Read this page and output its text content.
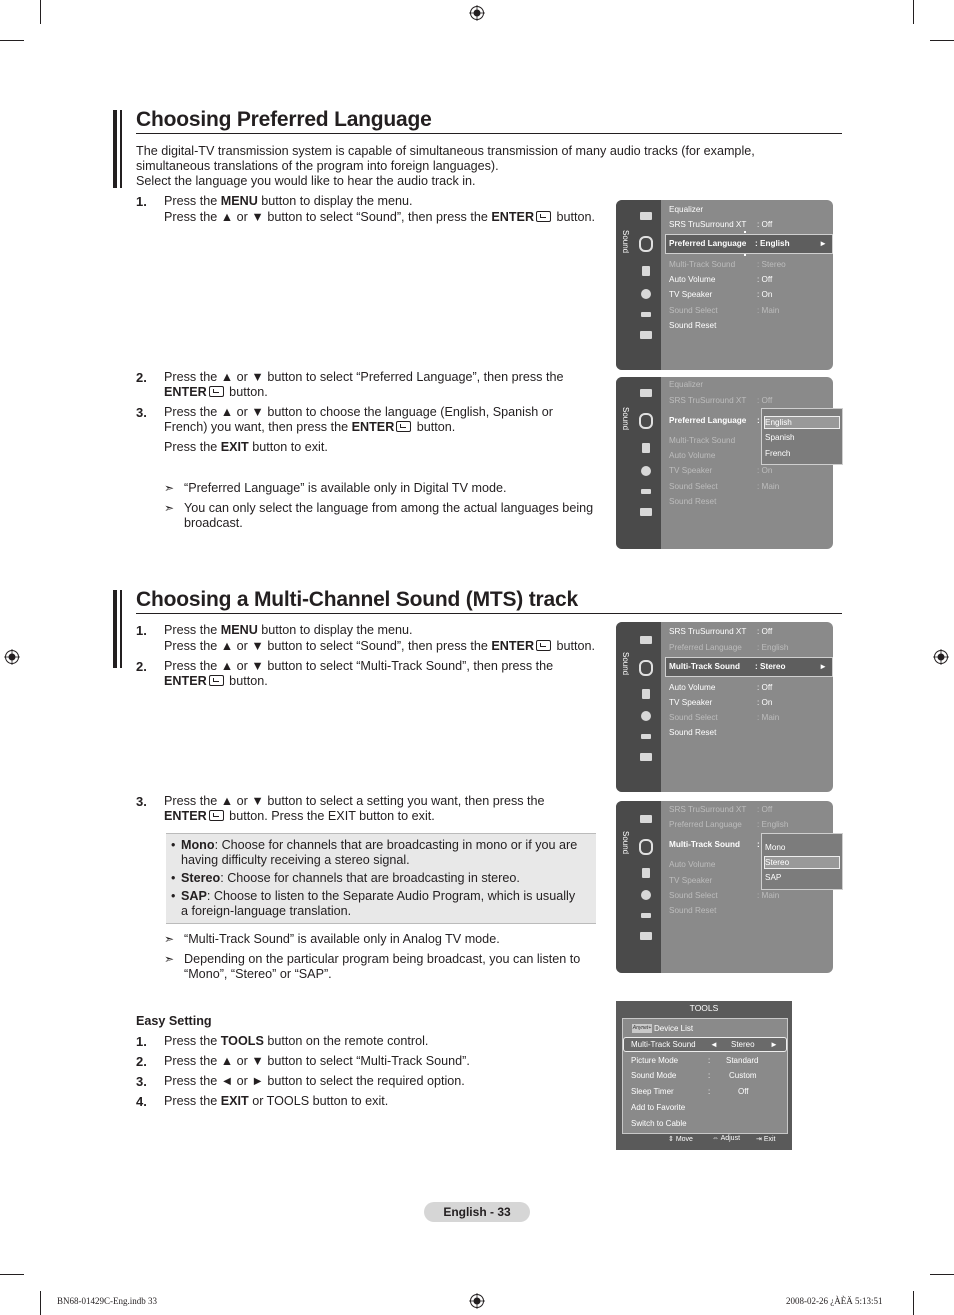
Choosing Preferred Language
The digital-TV transmission system is capable of simultaneous transmission of many audio tracks (for example,
simultaneous translations of the program into foreign languages).
Select the language you would like to hear the audio track in.
1. Press the MENU button to display the menu.
Press the ▲ or ▼ button to select “Sound”, then press the ENTER button.
2. Press the ▲ or ▼ button to select “Preferred Language”, then press the
ENTER button.
3. Press the ▲ or ▼ button to choose the language (English, Spanish or
French) you want, then press the ENTER button.
Press the EXIT button to exit.
➣ “Preferred Language” is available only in Digital TV mode.
➣ You can only select the language from among the actual languages being
broadcast.
Sound
Equalizer
SRS TruSurround XT : Off
Preferred Language : English	►
Multi-Track Sound	: Stereo
Auto Volume	: Off
TV Speaker	: On
Sound Select	: Main
Sound Reset
Sound
Equalizer
SRS TruSurround XT : Off
Preferred Language :
Multi-Track Sound
Auto Volume
TV Speaker	: On
Sound Select	: Main
Sound Reset
English
Spanish
French
Choosing a Multi-Channel Sound (MTS) track
1. Press the MENU button to display the menu.
Press the ▲ or ▼ button to select “Sound”, then press the ENTER button.
2. Press the ▲ or ▼ button to select “Multi-Track Sound”, then press the
ENTER button.
3. Press the ▲ or ▼ button to select a setting you want, then press the
ENTER button. Press the EXIT button to exit.
• Mono: Choose for channels that are broadcasting in mono or if you are
having difficulty receiving a stereo signal.
• Stereo: Choose for channels that are broadcasting in stereo.
• SAP: Choose to listen to the Separate Audio Program, which is usually
a foreign-language translation.
➣ “Multi-Track Sound” is available only in Analog TV mode.
➣ Depending on the particular program being broadcast, you can listen to
“Mono”, “Stereo” or “SAP”.
Sound
SRS TruSurround XT : Off
Preferred Language : English
Multi-Track Sound : Stereo	►
Auto Volume	: Off
TV Speaker	: On
Sound Select	: Main
Sound Reset
Sound
SRS TruSurround XT : Off
Preferred Language : English
Multi-Track Sound :
Auto Volume
TV Speaker
Sound Select	: Main
Sound Reset
Mono
Stereo
SAP
Easy Setting
1. Press the TOOLS button on the remote control.
2. Press the ▲ or ▼ button to select “Multi-Track Sound”.
3. Press the ◄ or ► button to select the required option.
4. Press the EXIT or TOOLS button to exit.
TOOLS
Anynet+ Device List
Multi-Track Sound ◄ Stereo ►
Picture Mode	: Standard
Sound Mode	: Custom
Sleep Timer	:	Off
Add to Favorite
Switch to Cable
⇕ Move	⇔ Adjust ⇥ Exit
English - 33
BN68-01429C-Eng.indb 33	2008-02-26 ¿ÀÈÄ 5:13:51
